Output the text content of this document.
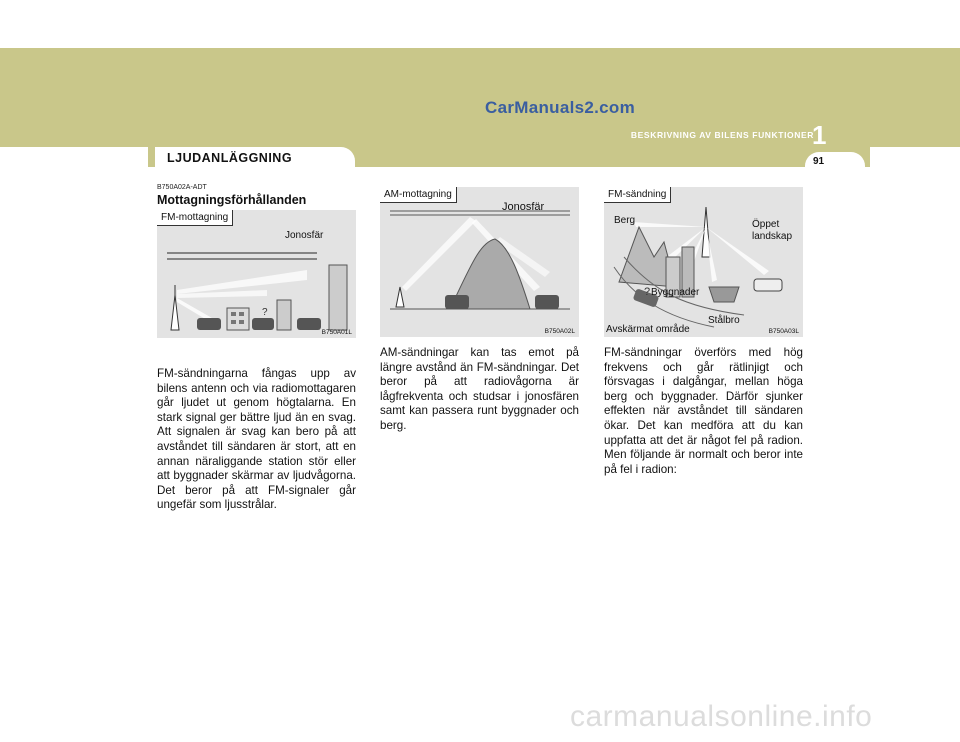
CarManuals2.com
BESKRIVNING AV BILENS FUNKTIONER
1
LJUDANLÄGGNING	91
B750A02A-ADT
Mottagningsförhållanden
?
FM-mottagning
Jonosfär
B750A01L
FM-sändningarna fångas upp av bilens antenn och via radiomottagaren går ljudet ut genom högtalarna. En stark signal ger bättre ljud än en svag. Att signalen är svag kan bero på att avståndet till sändaren är stort, att en annan näraliggande station stör eller att byggnader skärmar av ljudvågorna. Det beror på att FM-signaler går ungefär som ljusstrålar.
AM-mottagning
Jonosfär
B750A02L
AM-sändningar kan tas emot på längre avstånd än FM-sändningar. Det beror på att radiovågorna är lågfrekventa och studsar i jonosfären samt kan passera runt byggnader och berg.
?
FM-sändning
Berg	Öppet landskap
Byggnader
Stålbro
Avskärmat område	B750A03L
FM-sändningar överförs med hög frekvens och går rätlinjigt och försvagas i dalgångar, mellan höga berg och byggnader. Därför sjunker effekten när avståndet till sändaren ökar. Det kan medföra att du kan uppfatta att det är något fel på radion. Men följande är normalt och beror inte på fel i radion:
carmanualsonline.info
